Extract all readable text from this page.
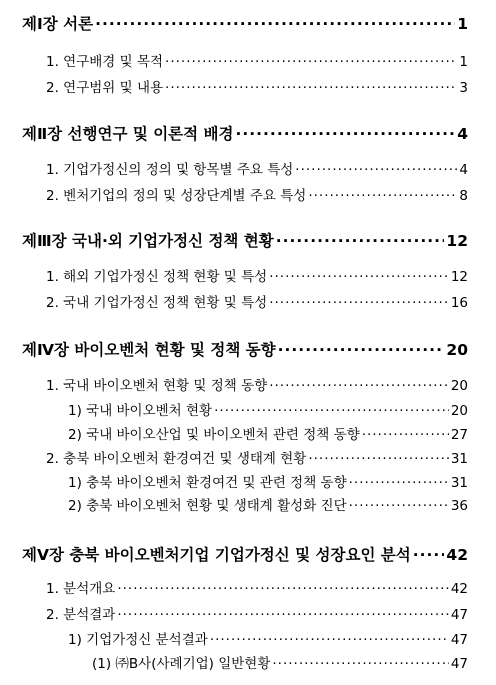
제Ⅰ장 서론 ·····	1
1. 연구배경 및 목적 ·····	1
2. 연구범위 및 내용 ·····	3
제Ⅱ장 선행연구 및 이론적 배경 ·····	4
1. 기업가정신의 정의 및 항목별 주요 특성 ·····	4
2. 벤처기업의 정의 및 성장단계별 주요 특성 ·····	8
제Ⅲ장 국내·외 기업가정신 정책 현황 ·····	12
1. 해외 기업가정신 정책 현황 및 특성 ·····	12
2. 국내 기업가정신 정책 현황 및 특성 ·····	16
제Ⅳ장 바이오벤처 현황 및 정책 동향 ·····	20
1. 국내 바이오벤처 현황 및 정책 동향 ·····	20
1) 국내 바이오벤처 현황 ·····	20
2) 국내 바이오산업 및 바이오벤처 관련 정책 동향 ·····	27
2. 충북 바이오벤처 환경여건 및 생태계 현황 ·····	31
1) 충북 바이오벤처 환경여건 및 관련 정책 동향 ·····	31
2) 충북 바이오벤처 현황 및 생태계 활성화 진단 ·····	36
제Ⅴ장 충북 바이오벤처기업 기업가정신 및 성장요인 분석 ····· 42
1. 분석개요 ·····	42
2. 분석결과 ·····	47
1) 기업가정신 분석결과 ·····	47
(1) ㈜B사(사례기업) 일반현황 ·····	47
